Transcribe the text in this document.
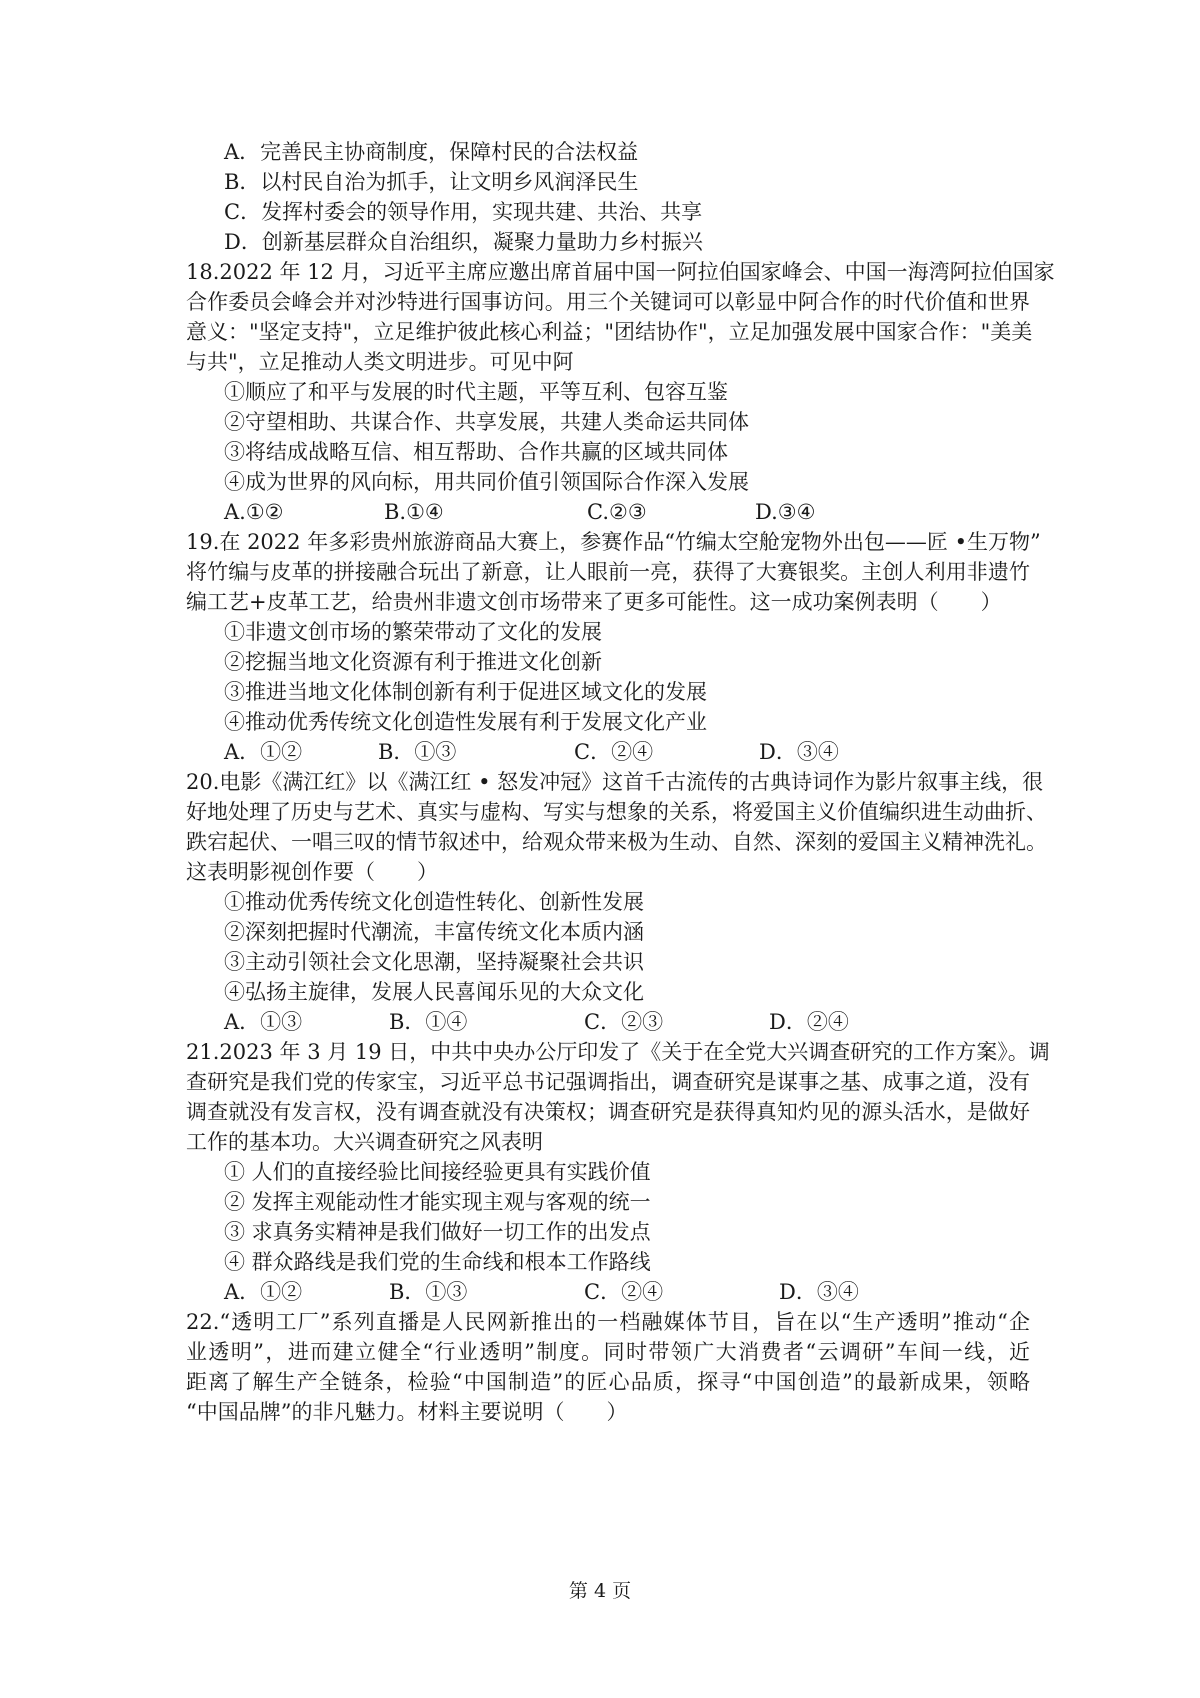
A．完善民主协商制度，保障村民的合法权益
B．以村民自治为抓手，让文明乡风润泽民生
C．发挥村委会的领导作用，实现共建、共治、共享
D．创新基层群众自治组织，凝聚力量助力乡村振兴
18.2022 年 12 月，习近平主席应邀出席首届中国一阿拉伯国家峰会、中国一海湾阿拉伯国家
合作委员会峰会并对沙特进行国事访问。用三个关键词可以彰显中阿合作的时代价值和世界
意义："坚定支持"，立足维护彼此核心利益；"团结协作"，立足加强发展中国家合作："美美
与共"，立足推动人类文明进步。可见中阿
①顺应了和平与发展的时代主题，平等互利、包容互鉴
②守望相助、共谋合作、共享发展，共建人类命运共同体
③将结成战略互信、相互帮助、合作共赢的区域共同体
④成为世界的风向标，用共同价值引领国际合作深入发展
A.①②	B.①④	C.②③	D.③④
19.在 2022 年多彩贵州旅游商品大赛上，参赛作品“竹编太空舱宠物外出包——匠 •生万物”
将竹编与皮革的拼接融合玩出了新意，让人眼前一亮，获得了大赛银奖。主创人利用非遗竹
编工艺+皮革工艺，给贵州非遗文创市场带来了更多可能性。这一成功案例表明（　　）
①非遗文创市场的繁荣带动了文化的发展
②挖掘当地文化资源有利于推进文化创新
③推进当地文化体制创新有利于促进区域文化的发展
④推动优秀传统文化创造性发展有利于发展文化产业
A．①②	B．①③	C．②④	D．③④
20.电影《满江红》以《满江红 • 怒发冲冠》这首千古流传的古典诗词作为影片叙事主线，很
好地处理了历史与艺术、真实与虚构、写实与想象的关系，将爱国主义价值编织进生动曲折、
跌宕起伏、一唱三叹的情节叙述中，给观众带来极为生动、自然、深刻的爱国主义精神洗礼。
这表明影视创作要（　　）
①推动优秀传统文化创造性转化、创新性发展
②深刻把握时代潮流，丰富传统文化本质内涵
③主动引领社会文化思潮，坚持凝聚社会共识
④弘扬主旋律，发展人民喜闻乐见的大众文化
A．①③	B．①④	C．②③	D．②④
21.2023 年 3 月 19 日，中共中央办公厅印发了《关于在全党大兴调查研究的工作方案》。调
查研究是我们党的传家宝，习近平总书记强调指出，调查研究是谋事之基、成事之道，没有
调查就没有发言权，没有调查就没有决策权；调查研究是获得真知灼见的源头活水，是做好
工作的基本功。大兴调查研究之风表明
① 人们的直接经验比间接经验更具有实践价值
② 发挥主观能动性才能实现主观与客观的统一
③ 求真务实精神是我们做好一切工作的出发点
④ 群众路线是我们党的生命线和根本工作路线
A．①②	B．①③	C．②④	D．③④
22.“透明工厂”系列直播是人民网新推出的一档融媒体节目，旨在以“生产透明”推动“企
业透明”，进而建立健全“行业透明”制度。同时带领广大消费者“云调研”车间一线，近
距离了解生产全链条，检验“中国制造”的匠心品质，探寻“中国创造”的最新成果，领略
“中国品牌”的非凡魅力。材料主要说明（　　）
第 4 页
